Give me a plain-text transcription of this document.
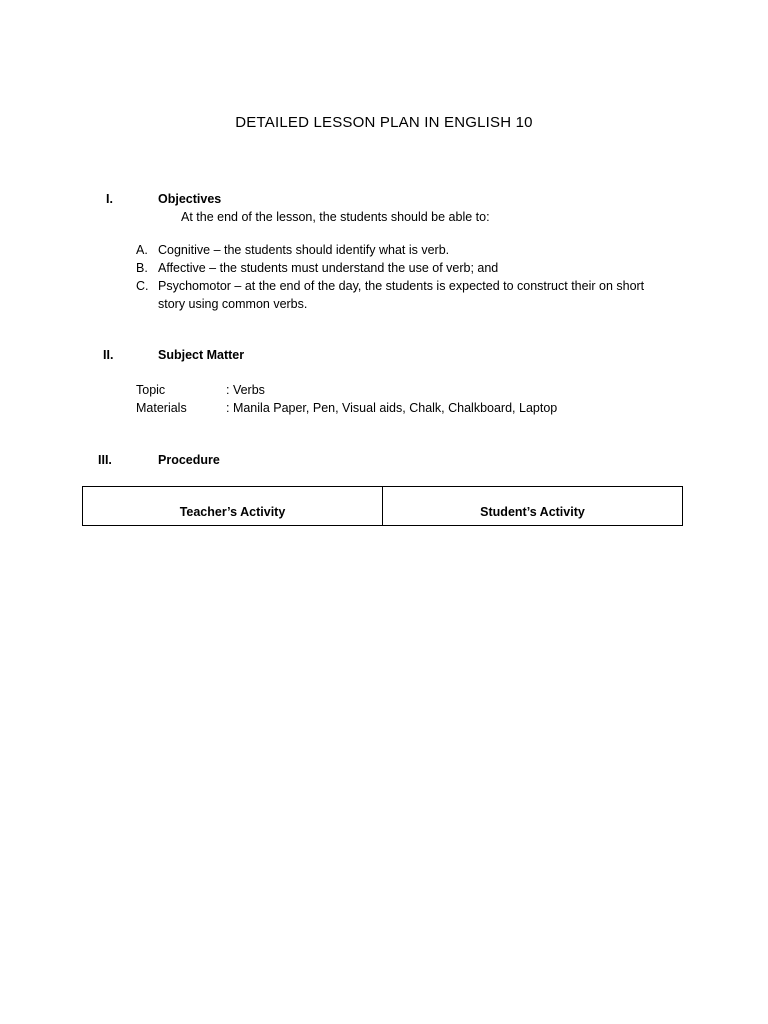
DETAILED LESSON PLAN IN ENGLISH 10
I.	Objectives
At the end of the lesson, the students should be able to:
A. Cognitive – the students should identify what is verb.
B. Affective – the students must understand the use of verb; and
C. Psychomotor – at the end of the day, the students is expected to construct their on short
story using common verbs.
II.	Subject Matter
Topic	: Verbs
Materials	: Manila Paper, Pen, Visual aids, Chalk, Chalkboard, Laptop
III.	Procedure
Teacher’s Activity	Student’s Activity
